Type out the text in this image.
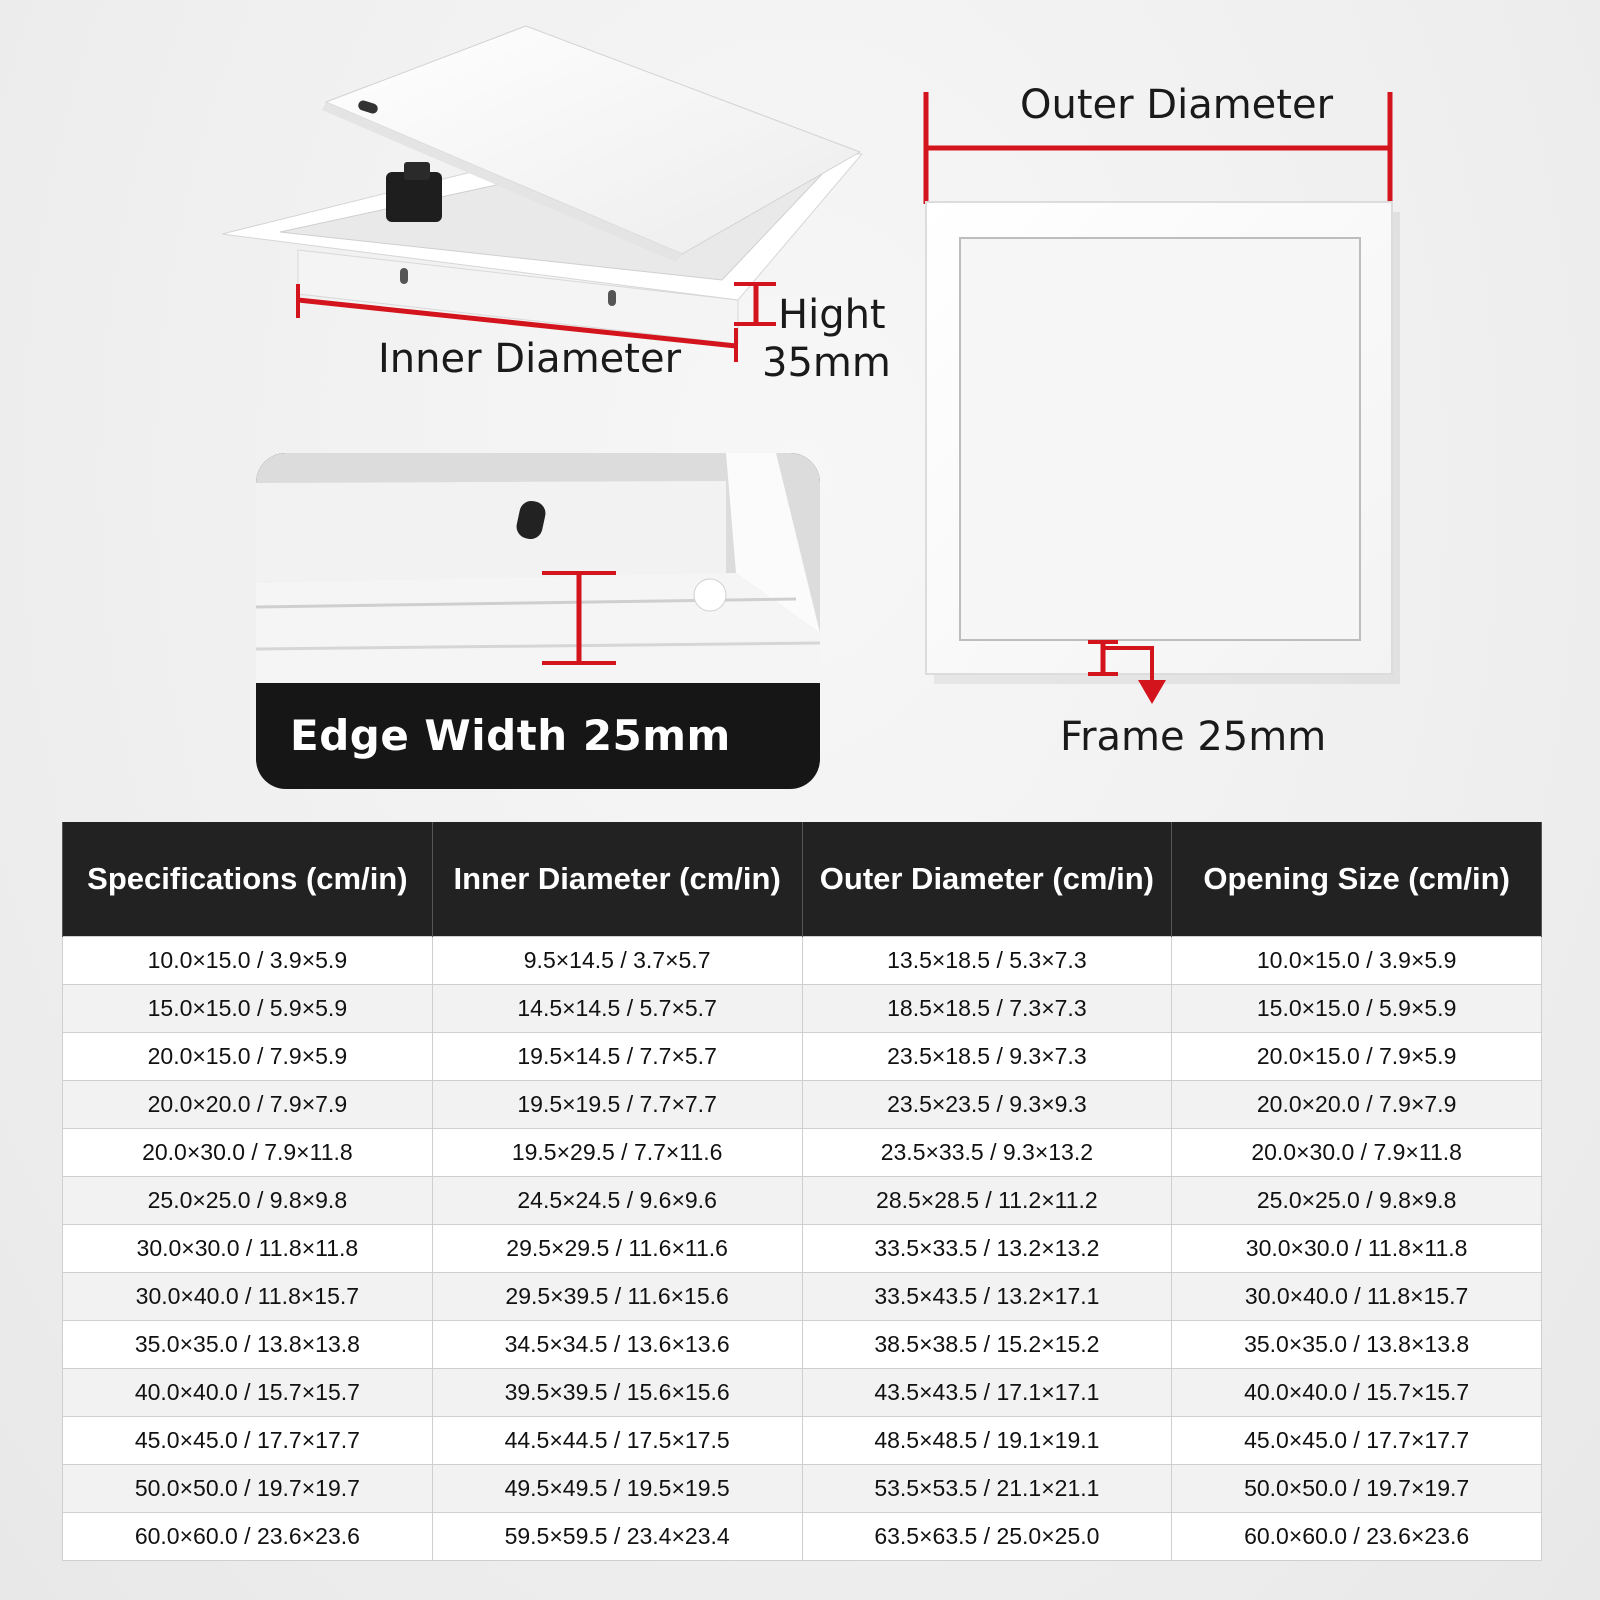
Edge Width 25mm
Outer Diameter
Inner Diameter
Hight
35mm
Frame 25mm
Specifications (cm/in)	Inner Diameter (cm/in)	Outer Diameter (cm/in)	Opening Size (cm/in)
10.0×15.0 / 3.9×5.9	9.5×14.5 / 3.7×5.7	13.5×18.5 / 5.3×7.3	10.0×15.0 / 3.9×5.9
15.0×15.0 / 5.9×5.9	14.5×14.5 / 5.7×5.7	18.5×18.5 / 7.3×7.3	15.0×15.0 / 5.9×5.9
20.0×15.0 / 7.9×5.9	19.5×14.5 / 7.7×5.7	23.5×18.5 / 9.3×7.3	20.0×15.0 / 7.9×5.9
20.0×20.0 / 7.9×7.9	19.5×19.5 / 7.7×7.7	23.5×23.5 / 9.3×9.3	20.0×20.0 / 7.9×7.9
20.0×30.0 / 7.9×11.8	19.5×29.5 / 7.7×11.6	23.5×33.5 / 9.3×13.2	20.0×30.0 / 7.9×11.8
25.0×25.0 / 9.8×9.8	24.5×24.5 / 9.6×9.6	28.5×28.5 / 11.2×11.2	25.0×25.0 / 9.8×9.8
30.0×30.0 / 11.8×11.8	29.5×29.5 / 11.6×11.6	33.5×33.5 / 13.2×13.2	30.0×30.0 / 11.8×11.8
30.0×40.0 / 11.8×15.7	29.5×39.5 / 11.6×15.6	33.5×43.5 / 13.2×17.1	30.0×40.0 / 11.8×15.7
35.0×35.0 / 13.8×13.8	34.5×34.5 / 13.6×13.6	38.5×38.5 / 15.2×15.2	35.0×35.0 / 13.8×13.8
40.0×40.0 / 15.7×15.7	39.5×39.5 / 15.6×15.6	43.5×43.5 / 17.1×17.1	40.0×40.0 / 15.7×15.7
45.0×45.0 / 17.7×17.7	44.5×44.5 / 17.5×17.5	48.5×48.5 / 19.1×19.1	45.0×45.0 / 17.7×17.7
50.0×50.0 / 19.7×19.7	49.5×49.5 / 19.5×19.5	53.5×53.5 / 21.1×21.1	50.0×50.0 / 19.7×19.7
60.0×60.0 / 23.6×23.6	59.5×59.5 / 23.4×23.4	63.5×63.5 / 25.0×25.0	60.0×60.0 / 23.6×23.6
